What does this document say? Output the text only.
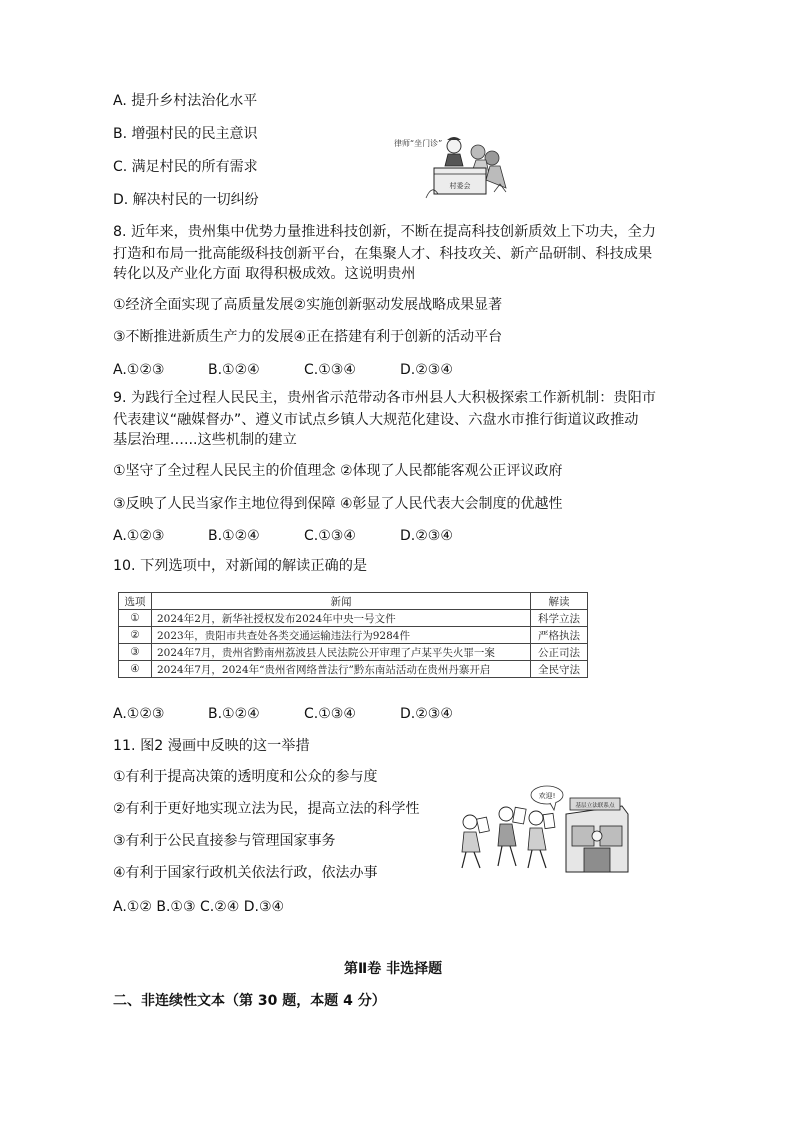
A. 提升乡村法治化水平
B. 增强村民的民主意识
C. 满足村民的所有需求
D. 解决村民的一切纠纷
律师“坐门诊”
村委会
8. 近年来，贵州集中优势力量推进科技创新，不断在提高科技创新质效上下功夫，全力
打造和布局一批高能级科技创新平台，在集聚人才、科技攻关、新产品研制、科技成果
转化以及产业化方面 取得积极成效。这说明贵州
①经济全面实现了高质量发展②实施创新驱动发展战略成果显著
③不断推进新质生产力的发展④正在搭建有利于创新的活动平台
A.①②③	B.①②④	C.①③④	D.②③④
9. 为践行全过程人民民主，贵州省示范带动各市州县人大积极探索工作新机制：贵阳市
代表建议“融媒督办”、遵义市试点乡镇人大规范化建设、六盘水市推行街道议政推动
基层治理…...这些机制的建立
①坚守了全过程人民民主的价值理念 ②体现了人民都能客观公正评议政府
③反映了人民当家作主地位得到保障 ④彰显了人民代表大会制度的优越性
A.①②③	B.①②④	C.①③④	D.②③④
10. 下列选项中，对新闻的解读正确的是
选项	新闻	解读
①	2024年2月，新华社授权发布2024年中央一号文件	科学立法
②	2023年，贵阳市共查处各类交通运输违法行为9284件	严格执法
③	2024年7月，贵州省黔南州荔波县人民法院公开审理了卢某平失火罪一案	公正司法
④	2024年7月，2024年“贵州省网络普法行”黔东南站活动在贵州丹寨开启	全民守法
A.①②③	B.①②④	C.①③④	D.②③④
11. 图2 漫画中反映的这一举措
①有利于提高决策的透明度和公众的参与度
②有利于更好地实现立法为民，提高立法的科学性
③有利于公民直接参与管理国家事务
④有利于国家行政机关依法行政，依法办事
A.①② B.①③ C.②④ D.③④
欢迎!
基层立法联系点
第Ⅱ卷 非选择题
二、非连续性文本（第 30 题，本题 4 分）
